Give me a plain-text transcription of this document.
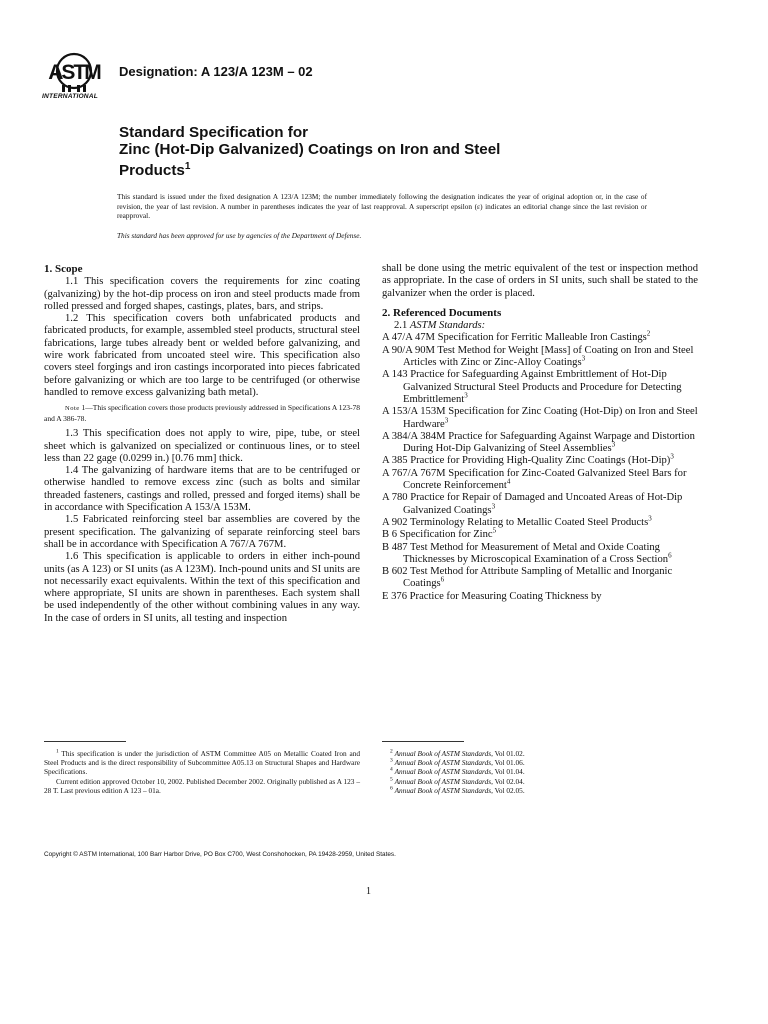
ASTM
INTERNATIONAL
Designation: A 123/A 123M – 02
Standard Specification for
Zinc (Hot-Dip Galvanized) Coatings on Iron and Steel
Products$^1$

This standard is issued under the fixed designation A 123/A 123M; the number immediately following the designation indicates the year of original adoption or, in the case of revision, the year of last revision. A number in parentheses indicates the year of last reapproval. A superscript epsilon (ε) indicates an editorial change since the last revision or reapproval.

This standard has been approved for use by agencies of the Department of Defense.
1. Scope

1.1 This specification covers the requirements for zinc coating (galvanizing) by the hot-dip process on iron and steel products made from rolled pressed and forged shapes, castings, plates, bars, and strips.

1.2 This specification covers both unfabricated products and fabricated products, for example, assembled steel products, structural steel fabrications, large tubes already bent or welded before galvanizing, and wire work fabricated from uncoated steel wire. This specification also covers steel forgings and iron castings incorporated into pieces fabricated before galvanizing or which are too large to be centrifuged (or otherwise handled to remove excess galvanizing bath metal).

Note 1—This specification covers those products previously addressed in Specifications A 123-78 and A 386-78.

1.3 This specification does not apply to wire, pipe, tube, or steel sheet which is galvanized on specialized or continuous lines, or to steel less than 22 gage (0.0299 in.) [0.76 mm] thick.

1.4 The galvanizing of hardware items that are to be centrifuged or otherwise handled to remove excess zinc (such as bolts and similar threaded fasteners, castings and rolled, pressed and forged items) shall be in accordance with Specification A 153/A 153M.

1.5 Fabricated reinforcing steel bar assemblies are covered by the present specification. The galvanizing of separate reinforcing steel bars shall be in accordance with Specification A 767/A 767M.

1.6 This specification is applicable to orders in either inch-pound units (as A 123) or SI units (as A 123M). Inch-pound units and SI units are not necessarily exact equivalents. Within the text of this specification and where appropriate, SI units are shown in parentheses. Each system shall be used independently of the other without combining values in any way. In the case of orders in SI units, all testing and inspection

shall be done using the metric equivalent of the test or inspection method as appropriate. In the case of orders in SI units, such shall be stated to the galvanizer when the order is placed.

2. Referenced Documents

2.1 ASTM Standards:

A 47/A 47M Specification for Ferritic Malleable Iron Castings$^2$

A 90/A 90M Test Method for Weight [Mass] of Coating on Iron and Steel Articles with Zinc or Zinc-Alloy Coatings$^3$

A 143 Practice for Safeguarding Against Embrittlement of Hot-Dip Galvanized Structural Steel Products and Procedure for Detecting Embrittlement$^3$

A 153/A 153M Specification for Zinc Coating (Hot-Dip) on Iron and Steel Hardware$^3$

A 384/A 384M Practice for Safeguarding Against Warpage and Distortion During Hot-Dip Galvanizing of Steel Assemblies$^3$

A 385 Practice for Providing High-Quality Zinc Coatings $(Hot-Dip)^3$

A 767/A 767M Specification for Zinc-Coated Galvanized Steel Bars for Concrete Reinforcement$^4$

A 780 Practice for Repair of Damaged and Uncoated Areas of Hot-Dip Galvanized Coatings$^3$

A 902 Terminology Relating to Metallic Coated Steel Products$^3$

B 6 Specification for Zinc$^5$

B 487 Test Method for Measurement of Metal and Oxide Coating Thicknesses by Microscopical Examination of a Cross Section$^6$

B 602 Test Method for Attribute Sampling of Metallic and Inorganic Coatings$^6$

E 376 Practice for Measuring Coating Thickness by

$^1$ This specification is under the jurisdiction of ASTM Committee A05 on Metallic Coated Iron and Steel Products and is the direct responsibility of Subcommittee A05.13 on Structural Shapes and Hardware Specifications.

Current edition approved October 10, 2002. Published December 2002. Originally published as A 123 – 28 T. Last previous edition A 123 – 01a.

$^2$ Annual Book of ASTM Standards, Vol 01.02.

$^3$ Annual Book of ASTM Standards, Vol 01.06.

$^4$ Annual Book of ASTM Standards, Vol 01.04.

$^5$ Annual Book of ASTM Standards, Vol 02.04.

$^6$ Annual Book of ASTM Standards, Vol 02.05.

Copyright © ASTM International, 100 Barr Harbor Drive, PO Box C700, West Conshohocken, PA 19428-2959, United States.
1
